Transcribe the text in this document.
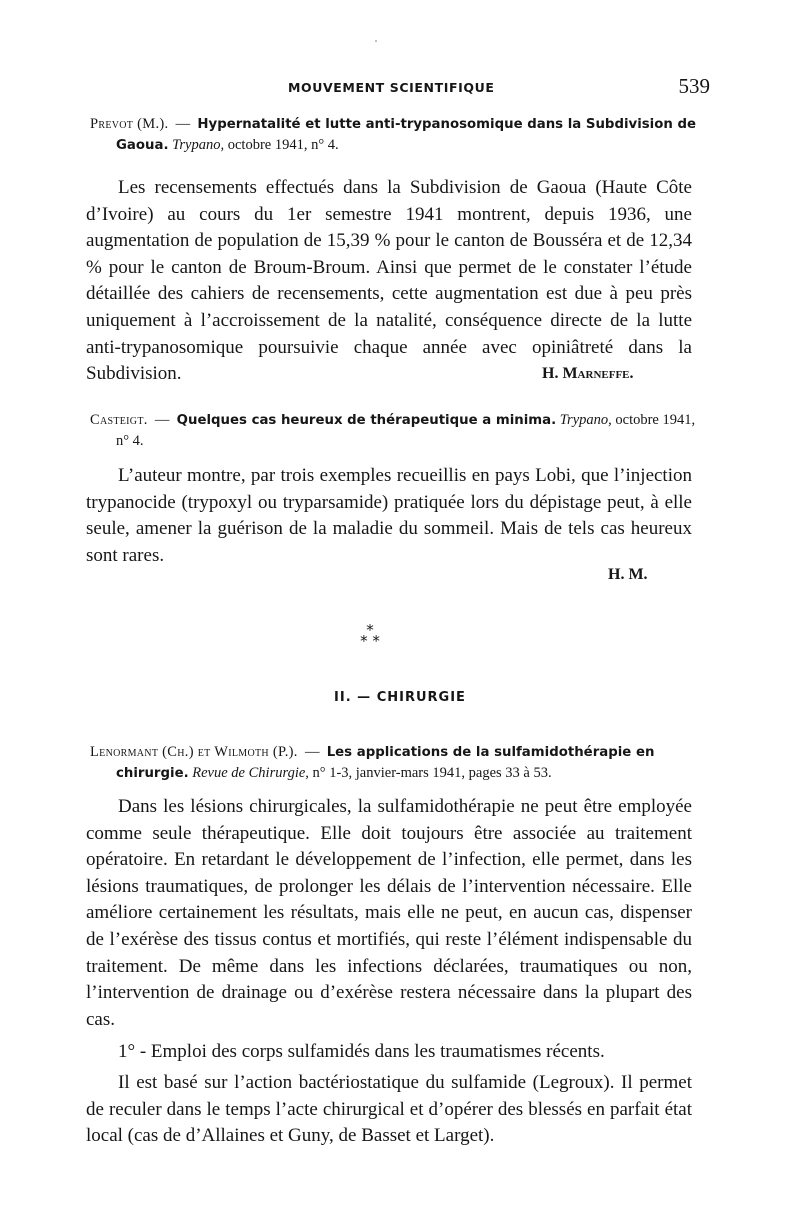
MOUVEMENT SCIENTIFIQUE	539
Prevot (M.).  —  Hypernatalité et lutte anti-trypanosomique dans la Subdivision de Gaoua. Trypano, octobre 1941, n° 4.

Les recensements effectués dans la Subdivision de Gaoua (Haute Côte d’Ivoire) au cours du 1er semestre 1941 montrent, depuis 1936, une augmentation de population de 15,39 % pour le canton de Bousséra et de 12,34 % pour le canton de Broum-Broum. Ainsi que permet de le constater l’étude détaillée des cahiers de recensements, cette augmentation est due à peu près uniquement à l’accroissement de la natalité, conséquence directe de la lutte anti-trypanosomique poursuivie chaque année avec opiniâtreté dans la Subdivision.	H. Marneffe.
Casteigt.  —  Quelques cas heureux de thérapeutique a minima. Trypano, octobre 1941, n° 4.

L’auteur montre, par trois exemples recueillis en pays Lobi, que l’injection trypanocide (trypoxyl ou tryparsamide) pratiquée lors du dépistage peut, à elle seule, amener la guérison de la maladie du sommeil. Mais de tels cas heureux sont rares.

H. M.
*
* *
II. — CHIRURGIE
Lenormant (Ch.) et Wilmoth (P.).  —  Les applications de la sulfamidothérapie en chirurgie. Revue de Chirurgie, n° 1-3, janvier-mars 1941, pages 33 à 53.

Dans les lésions chirurgicales, la sulfamidothérapie ne peut être employée comme seule thérapeutique. Elle doit toujours être associée au traitement opératoire. En retardant le développement de l’infection, elle permet, dans les lésions traumatiques, de prolonger les délais de l’intervention nécessaire. Elle améliore certainement les résultats, mais elle ne peut, en aucun cas, dispenser de l’exérèse des tissus contus et mortifiés, qui reste l’élément indispensable du traitement. De même dans les infections déclarées, traumatiques ou non, l’intervention de drainage ou d’exérèse restera nécessaire dans la plupart des cas.

1° - Emploi des corps sulfamidés dans les traumatismes récents.

Il est basé sur l’action bactériostatique du sulfamide (Legroux). Il permet de reculer dans le temps l’acte chirurgical et d’opérer des blessés en parfait état local (cas de d’Allaines et Guny, de Basset et Larget).
